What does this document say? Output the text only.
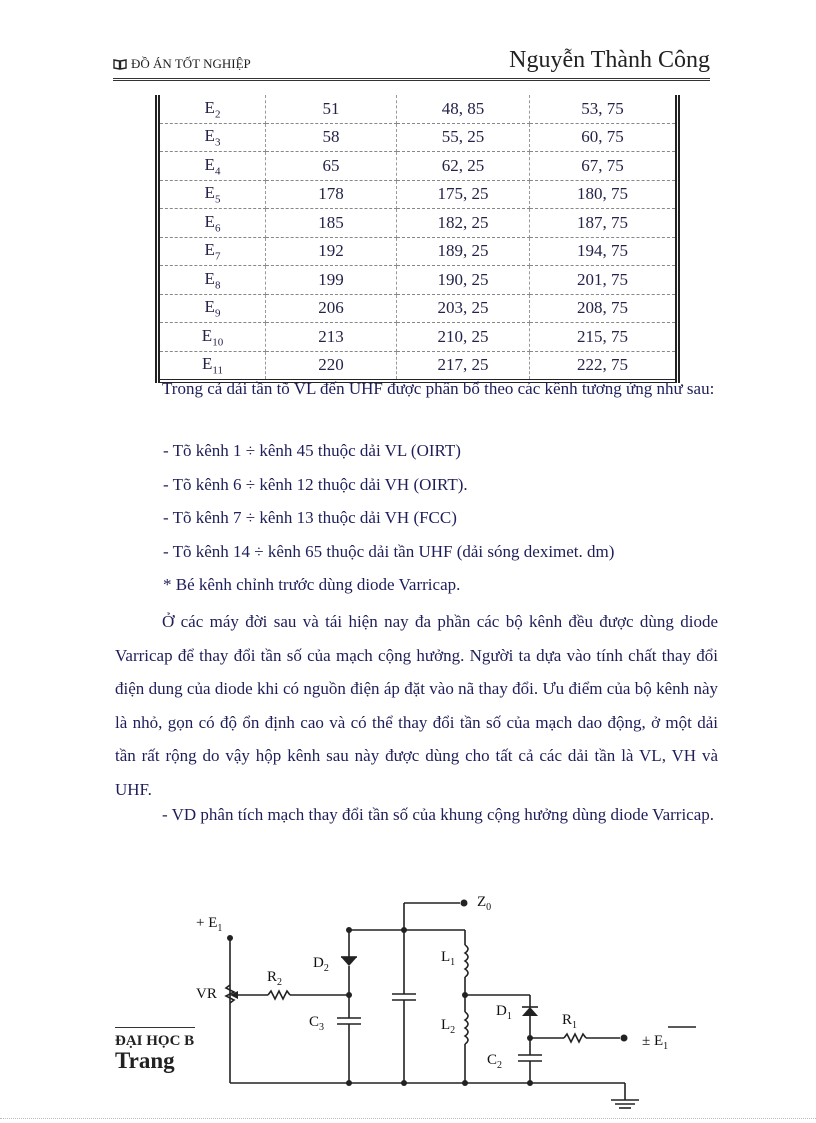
ĐỒ ÁN TỐT NGHIỆP	Nguyễn Thành Công
$E_2$	51	48, 85	53, 75
$E_3$	58	55, 25	60, 75
$E_4$	65	62, 25	67, 75
$E_5$	178	175, 25	180, 75
$E_6$	185	182, 25	187, 75
$E_7$	192	189, 25	194, 75
$E_8$	199	190, 25	201, 75
$E_9$	206	203, 25	208, 75
$E_{10}$	213	210, 25	215, 75
$E_{11}$	220	217, 25	222, 75

Trong cả dải tần tõ VL đến UHF được phân bổ theo các kênh tương ứng như sau:

- Tõ kênh 1 ÷ kênh 45 thuộc dải VL (OIRT)

- Tõ kênh 6 ÷ kênh 12 thuộc dải VH (OIRT).

- Tõ kênh 7 ÷ kênh 13 thuộc dải VH (FCC)

- Tõ kênh 14 ÷ kênh 65 thuộc dải tần UHF (dải sóng deximet. dm)

* Bé kênh chỉnh trước dùng diode Varricap.

Ở các máy đời sau và tái hiện nay đa phần các bộ kênh đều được dùng diode Varricap để thay đổi tần số của mạch cộng hưởng. Người ta dựa vào tính chất thay đổi điện dung của diode khi có nguồn điện áp đặt vào nã thay đổi. Ưu điểm của bộ kênh này là nhỏ, gọn có độ ổn định cao và có thể thay đổi tần số của mạch dao động, ở một dải tần rất rộng do vậy hộp kênh sau này được dùng cho tất cả các dải tần là VL, VH và UHF.

- VD phân tích mạch thay đổi tần số của khung cộng hưởng dùng diode Varricap.

+ $E_1$
VR
$R_2$
$D_2$
$C_3$
$Z_0$
$L_1$
$L_2$
$D_1$	$R_1$
$C_2$
± $E_1$
ĐẠI HỌC B
Trang
